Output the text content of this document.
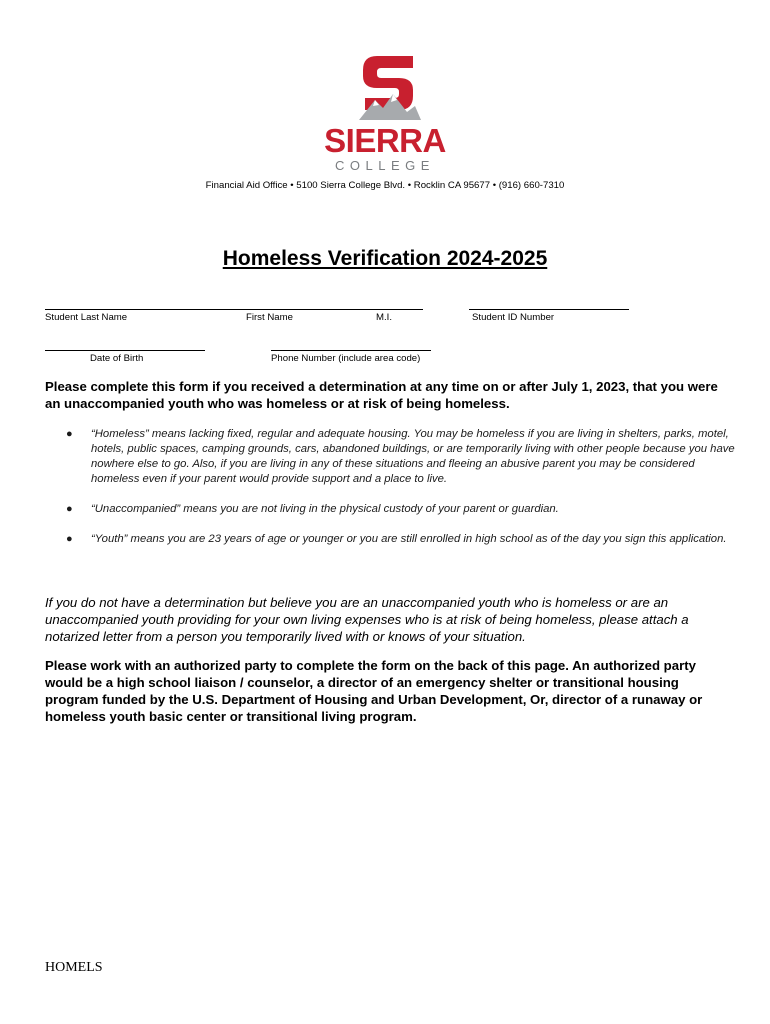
SIERRA
COLLEGE
Financial Aid Office • 5100 Sierra College Blvd. • Rocklin CA 95677 • (916) 660-7310
Homeless Verification 2024-2025
Student Last Name	First Name	M.I.	Student ID Number
Date of Birth	Phone Number (include area code)
Please complete this form if you received a determination at any time on or after July 1, 2023, that you were an unaccompanied youth who was homeless or at risk of being homeless.
● “Homeless” means lacking fixed, regular and adequate housing. You may be homeless if you are living in shelters, parks, motel, hotels, public spaces, camping grounds, cars, abandoned buildings, or are temporarily living with other people because you have nowhere else to go. Also, if you are living in any of these situations and fleeing an abusive parent you may be considered homeless even if your parent would provide support and a place to live.
● “Unaccompanied” means you are not living in the physical custody of your parent or guardian.
● “Youth” means you are 23 years of age or younger or you are still enrolled in high school as of the day you sign this application.
If you do not have a determination but believe you are an unaccompanied youth who is homeless or are an unaccompanied youth providing for your own living expenses who is at risk of being homeless, please attach a notarized letter from a person you temporarily lived with or knows of your situation.
Please work with an authorized party to complete the form on the back of this page. An authorized party would be a high school liaison / counselor, a director of an emergency shelter or transitional housing program funded by the U.S. Department of Housing and Urban Development, Or, director of a runaway or homeless youth basic center or transitional living program.
HOMELS
